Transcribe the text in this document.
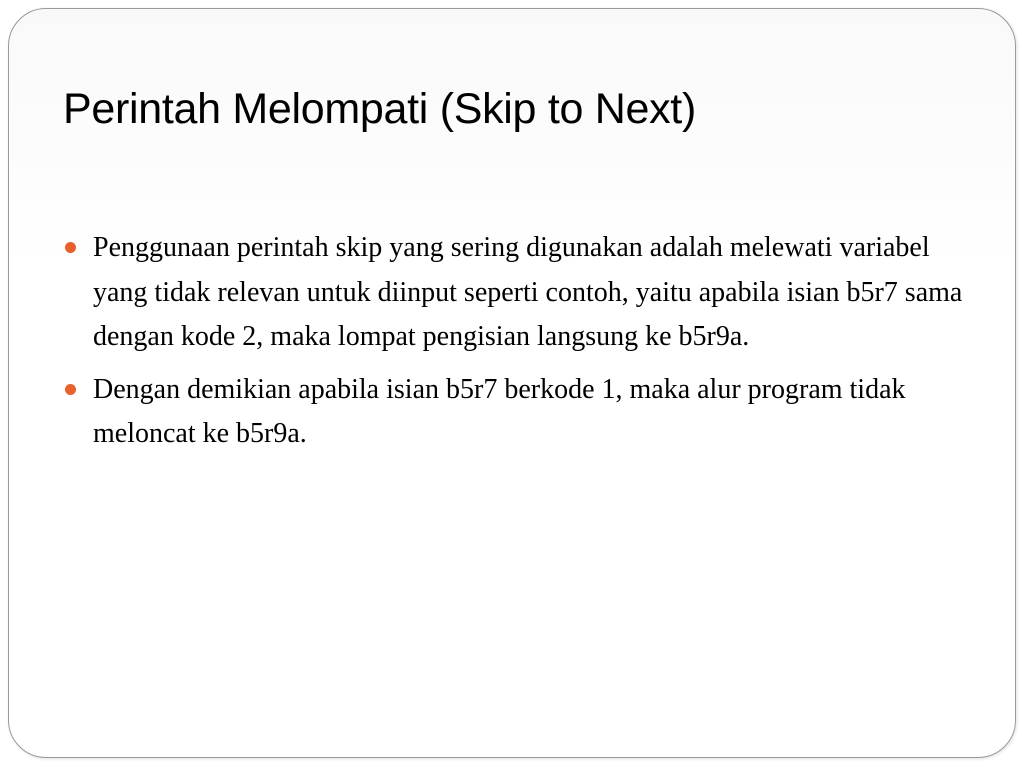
Perintah Melompati (Skip to Next)
Penggunaan perintah skip yang sering digunakan adalah melewati variabel yang tidak relevan untuk diinput seperti contoh, yaitu apabila isian b5r7 sama dengan kode 2, maka lompat pengisian langsung ke b5r9a.
Dengan demikian apabila isian b5r7 berkode 1, maka alur program tidak meloncat ke b5r9a.
